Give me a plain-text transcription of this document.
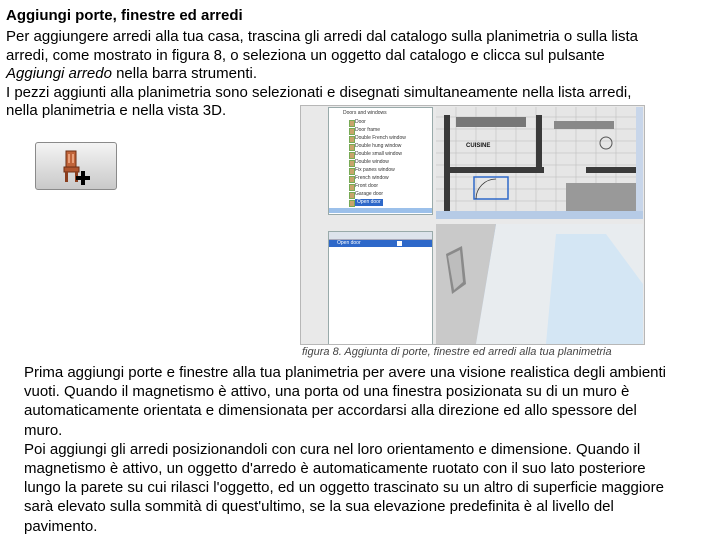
Aggiungi porte, finestre ed arredi
Per aggiungere arredi alla tua casa, trascina gli arredi dal catalogo sulla planimetria o sulla lista
arredi, come mostrato in figura 8, o seleziona un oggetto dal catalogo e clicca sul pulsante
Aggiungi arredo nella barra strumenti.
I pezzi aggiunti alla planimetria sono selezionati e disegnati simultaneamente nella lista arredi,
nella planimetria e nella vista 3D.	Doors and windows
Door
Door frame
Double French window
Double hung window
Double small window
Double window
Fix panes window
French window
Front door
Garage door
Open door
Open door
CUISINE
figura 8. Aggiunta di porte, finestre ed arredi alla tua planimetria
Prima aggiungi porte e finestre alla tua planimetria per avere una visione realistica degli ambienti
vuoti. Quando il magnetismo è attivo, una porta od una finestra posizionata su di un muro è
automaticamente orientata e dimensionata per accordarsi alla direzione ed allo spessore del
muro.
Poi aggiungi gli arredi posizionandoli con cura nel loro orientamento e dimensione. Quando il
magnetismo è attivo, un oggetto d'arredo è automaticamente ruotato con il suo lato posteriore
lungo la parete su cui rilasci l'oggetto, ed un oggetto trascinato su un altro di superficie maggiore
sarà elevato sulla sommità di quest'ultimo, se la sua elevazione predefinita è al livello del
pavimento.
